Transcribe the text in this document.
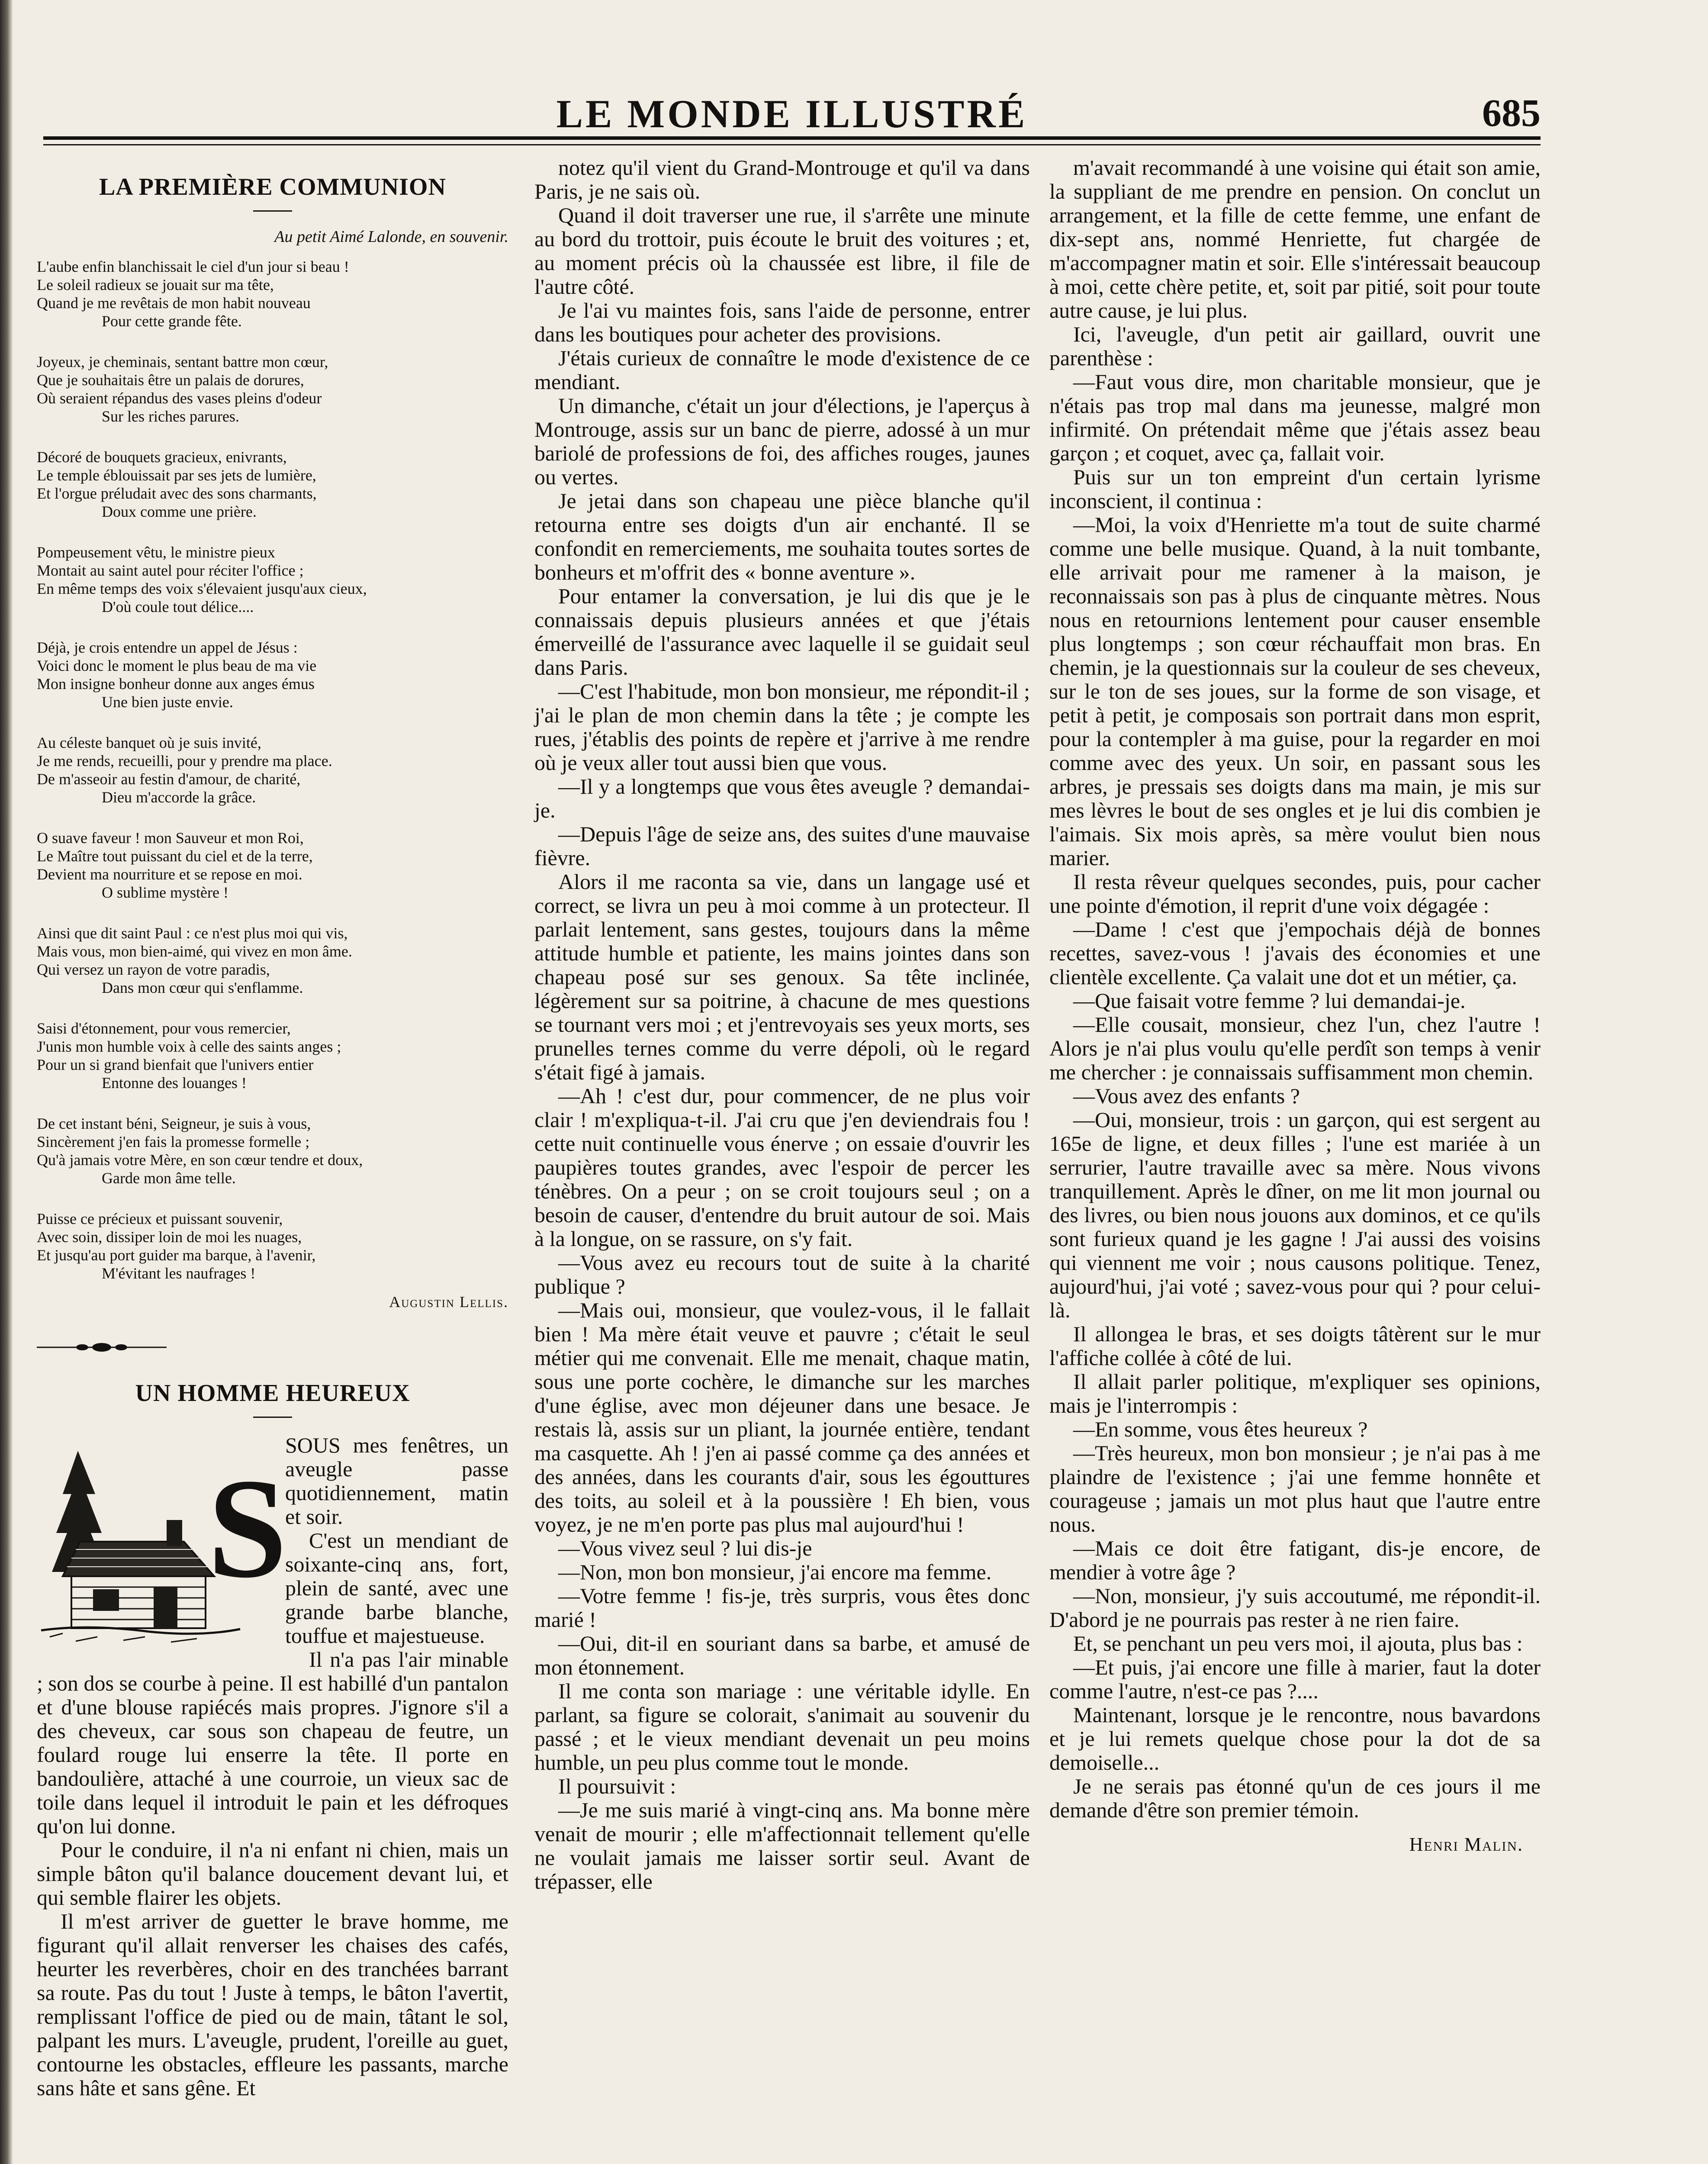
LE MONDE ILLUSTRÉ	685
LA PREMIÈRE COMMUNION
Au petit Aimé Lalonde, en souvenir.
L'aube enfin blanchissait le ciel d'un jour si beau !
Le soleil radieux se jouait sur ma tête,
Quand je me revêtais de mon habit nouveau
Pour cette grande fête.
Joyeux, je cheminais, sentant battre mon cœur,
Que je souhaitais être un palais de dorures,
Où seraient répandus des vases pleins d'odeur
Sur les riches parures.
Décoré de bouquets gracieux, enivrants,
Le temple éblouissait par ses jets de lumière,
Et l'orgue préludait avec des sons charmants,
Doux comme une prière.
Pompeusement vêtu, le ministre pieux
Montait au saint autel pour réciter l'office ;
En même temps des voix s'élevaient jusqu'aux cieux,
D'où coule tout délice....
Déjà, je crois entendre un appel de Jésus :
Voici donc le moment le plus beau de ma vie
Mon insigne bonheur donne aux anges émus
Une bien juste envie.
Au céleste banquet où je suis invité,
Je me rends, recueilli, pour y prendre ma place.
De m'asseoir au festin d'amour, de charité,
Dieu m'accorde la grâce.
O suave faveur ! mon Sauveur et mon Roi,
Le Maître tout puissant du ciel et de la terre,
Devient ma nourriture et se repose en moi.
O sublime mystère !
Ainsi que dit saint Paul : ce n'est plus moi qui vis,
Mais vous, mon bien-aimé, qui vivez en mon âme.
Qui versez un rayon de votre paradis,
Dans mon cœur qui s'enflamme.
Saisi d'étonnement, pour vous remercier,
J'unis mon humble voix à celle des saints anges ;
Pour un si grand bienfait que l'univers entier
Entonne des louanges !
De cet instant béni, Seigneur, je suis à vous,
Sincèrement j'en fais la promesse formelle ;
Qu'à jamais votre Mère, en son cœur tendre et doux,
Garde mon âme telle.
Puisse ce précieux et puissant souvenir,
Avec soin, dissiper loin de moi les nuages,
Et jusqu'au port guider ma barque, à l'avenir,
M'évitant les naufrages !
Augustin Lellis.
UN HOMME HEUREUX
S

SOUS mes fenêtres, un aveugle passe quotidiennement, matin et soir.

C'est un mendiant de soixante-cinq ans, fort, plein de santé, avec une grande barbe blanche, touffue et majestueuse.

Il n'a pas l'air minable ; son dos se courbe à peine. Il est habillé d'un pantalon et d'une blouse rapiécés mais propres. J'ignore s'il a des cheveux, car sous son chapeau de feutre, un foulard rouge lui enserre la tête. Il porte en bandoulière, attaché à une courroie, un vieux sac de toile dans lequel il introduit le pain et les défroques qu'on lui donne.

Pour le conduire, il n'a ni enfant ni chien, mais un simple bâton qu'il balance doucement devant lui, et qui semble flairer les objets.

Il m'est arriver de guetter le brave homme, me figurant qu'il allait renverser les chaises des cafés, heurter les reverbères, choir en des tranchées barrant sa route. Pas du tout ! Juste à temps, le bâton l'avertit, remplissant l'office de pied ou de main, tâtant le sol, palpant les murs. L'aveugle, prudent, l'oreille au guet, contourne les obstacles, effleure les passants, marche sans hâte et sans gêne. Et

notez qu'il vient du Grand-Montrouge et qu'il va dans Paris, je ne sais où.

Quand il doit traverser une rue, il s'arrête une minute au bord du trottoir, puis écoute le bruit des voitures ; et, au moment précis où la chaussée est libre, il file de l'autre côté.

Je l'ai vu maintes fois, sans l'aide de personne, entrer dans les boutiques pour acheter des provisions.

J'étais curieux de connaître le mode d'existence de ce mendiant.

Un dimanche, c'était un jour d'élections, je l'aperçus à Montrouge, assis sur un banc de pierre, adossé à un mur bariolé de professions de foi, des affiches rouges, jaunes ou vertes.

Je jetai dans son chapeau une pièce blanche qu'il retourna entre ses doigts d'un air enchanté. Il se confondit en remerciements, me souhaita toutes sortes de bonheurs et m'offrit des « bonne aventure ».

Pour entamer la conversation, je lui dis que je le connaissais depuis plusieurs années et que j'étais émerveillé de l'assurance avec laquelle il se guidait seul dans Paris.

—C'est l'habitude, mon bon monsieur, me répondit-il ; j'ai le plan de mon chemin dans la tête ; je compte les rues, j'établis des points de repère et j'arrive à me rendre où je veux aller tout aussi bien que vous.

—Il y a longtemps que vous êtes aveugle ? demandai-je.

—Depuis l'âge de seize ans, des suites d'une mauvaise fièvre.

Alors il me raconta sa vie, dans un langage usé et correct, se livra un peu à moi comme à un protecteur. Il parlait lentement, sans gestes, toujours dans la même attitude humble et patiente, les mains jointes dans son chapeau posé sur ses genoux. Sa tête inclinée, légèrement sur sa poitrine, à chacune de mes questions se tournant vers moi ; et j'entrevoyais ses yeux morts, ses prunelles ternes comme du verre dépoli, où le regard s'était figé à jamais.

—Ah ! c'est dur, pour commencer, de ne plus voir clair ! m'expliqua-t-il. J'ai cru que j'en deviendrais fou ! cette nuit continuelle vous énerve ; on essaie d'ouvrir les paupières toutes grandes, avec l'espoir de percer les ténèbres. On a peur ; on se croit toujours seul ; on a besoin de causer, d'entendre du bruit autour de soi. Mais à la longue, on se rassure, on s'y fait.

—Vous avez eu recours tout de suite à la charité publique ?

—Mais oui, monsieur, que voulez-vous, il le fallait bien ! Ma mère était veuve et pauvre ; c'était le seul métier qui me convenait. Elle me menait, chaque matin, sous une porte cochère, le dimanche sur les marches d'une église, avec mon déjeuner dans une besace. Je restais là, assis sur un pliant, la journée entière, tendant ma casquette. Ah ! j'en ai passé comme ça des années et des années, dans les courants d'air, sous les égouttures des toits, au soleil et à la poussière ! Eh bien, vous voyez, je ne m'en porte pas plus mal aujourd'hui !

—Vous vivez seul ? lui dis-je

—Non, mon bon monsieur, j'ai encore ma femme.

—Votre femme ! fis-je, très surpris, vous êtes donc marié !

—Oui, dit-il en souriant dans sa barbe, et amusé de mon étonnement.

Il me conta son mariage : une véritable idylle. En parlant, sa figure se colorait, s'animait au souvenir du passé ; et le vieux mendiant devenait un peu moins humble, un peu plus comme tout le monde.

Il poursuivit :

—Je me suis marié à vingt-cinq ans. Ma bonne mère venait de mourir ; elle m'affectionnait tellement qu'elle ne voulait jamais me laisser sortir seul. Avant de trépasser, elle

m'avait recommandé à une voisine qui était son amie, la suppliant de me prendre en pension. On conclut un arrangement, et la fille de cette femme, une enfant de dix-sept ans, nommé Henriette, fut chargée de m'accompagner matin et soir. Elle s'intéressait beaucoup à moi, cette chère petite, et, soit par pitié, soit pour toute autre cause, je lui plus.

Ici, l'aveugle, d'un petit air gaillard, ouvrit une parenthèse :

—Faut vous dire, mon charitable monsieur, que je n'étais pas trop mal dans ma jeunesse, malgré mon infirmité. On prétendait même que j'étais assez beau garçon ; et coquet, avec ça, fallait voir.

Puis sur un ton empreint d'un certain lyrisme inconscient, il continua :

—Moi, la voix d'Henriette m'a tout de suite charmé comme une belle musique. Quand, à la nuit tombante, elle arrivait pour me ramener à la maison, je reconnaissais son pas à plus de cinquante mètres. Nous nous en retournions lentement pour causer ensemble plus longtemps ; son cœur réchauffait mon bras. En chemin, je la questionnais sur la couleur de ses cheveux, sur le ton de ses joues, sur la forme de son visage, et petit à petit, je composais son portrait dans mon esprit, pour la contempler à ma guise, pour la regarder en moi comme avec des yeux. Un soir, en passant sous les arbres, je pressais ses doigts dans ma main, je mis sur mes lèvres le bout de ses ongles et je lui dis combien je l'aimais. Six mois après, sa mère voulut bien nous marier.

Il resta rêveur quelques secondes, puis, pour cacher une pointe d'émotion, il reprit d'une voix dégagée :

—Dame ! c'est que j'empochais déjà de bonnes recettes, savez-vous ! j'avais des économies et une clientèle excellente. Ça valait une dot et un métier, ça.

—Que faisait votre femme ? lui demandai-je.

—Elle cousait, monsieur, chez l'un, chez l'autre ! Alors je n'ai plus voulu qu'elle perdît son temps à venir me chercher : je connaissais suffisamment mon chemin.

—Vous avez des enfants ?

—Oui, monsieur, trois : un garçon, qui est sergent au 165e de ligne, et deux filles ; l'une est mariée à un serrurier, l'autre travaille avec sa mère. Nous vivons tranquillement. Après le dîner, on me lit mon journal ou des livres, ou bien nous jouons aux dominos, et ce qu'ils sont furieux quand je les gagne ! J'ai aussi des voisins qui viennent me voir ; nous causons politique. Tenez, aujourd'hui, j'ai voté ; savez-vous pour qui ? pour celui-là.

Il allongea le bras, et ses doigts tâtèrent sur le mur l'affiche collée à côté de lui.

Il allait parler politique, m'expliquer ses opinions, mais je l'interrompis :

—En somme, vous êtes heureux ?

—Très heureux, mon bon monsieur ; je n'ai pas à me plaindre de l'existence ; j'ai une femme honnête et courageuse ; jamais un mot plus haut que l'autre entre nous.

—Mais ce doit être fatigant, dis-je encore, de mendier à votre âge ?

—Non, monsieur, j'y suis accoutumé, me répondit-il. D'abord je ne pourrais pas rester à ne rien faire.

Et, se penchant un peu vers moi, il ajouta, plus bas :

—Et puis, j'ai encore une fille à marier, faut la doter comme l'autre, n'est-ce pas ?....

Maintenant, lorsque je le rencontre, nous bavardons et je lui remets quelque chose pour la dot de sa demoiselle...

Je ne serais pas étonné qu'un de ces jours il me demande d'être son premier témoin.

Henri Malin.
